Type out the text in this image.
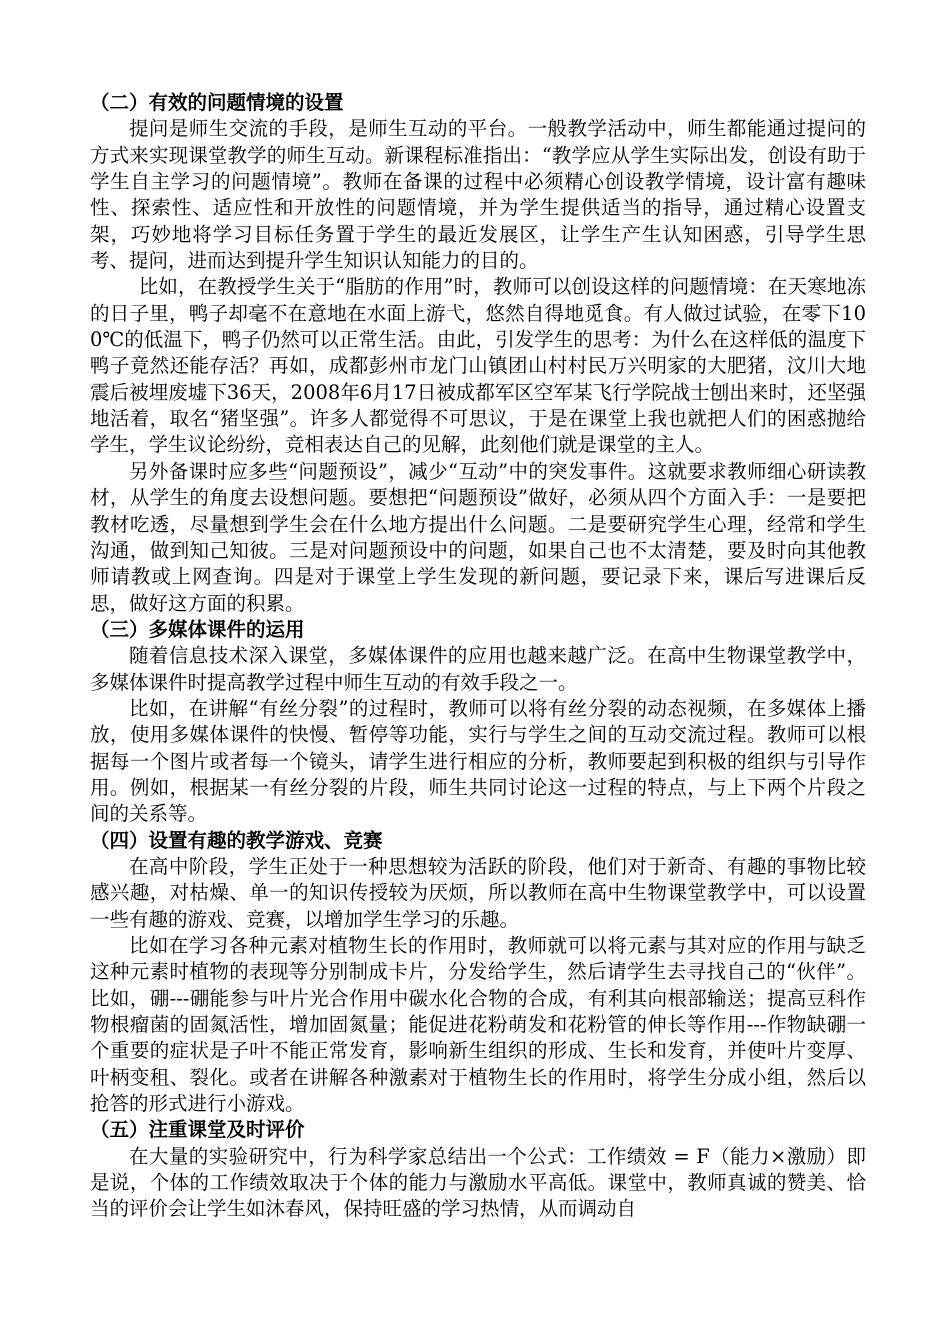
（二）有效的问题情境的设置

提问是师生交流的手段，是师生互动的平台。一般教学活动中，师生都能通过提问的方式来实现课堂教学的师生互动。新课程标准指出：“教学应从学生实际出发，创设有助于学生自主学习的问题情境”。教师在备课的过程中必须精心创设教学情境，设计富有趣味性、探索性、适应性和开放性的问题情境，并为学生提供适当的指导，通过精心设置支架，巧妙地将学习目标任务置于学生的最近发展区，让学生产生认知困惑，引导学生思考、提问，进而达到提升学生知识认知能力的目的。

比如，在教授学生关于“脂肪的作用”时，教师可以创设这样的问题情境：在天寒地冻的日子里，鸭子却毫不在意地在水面上游弋，悠然自得地觅食。有人做过试验，在零下100℃的低温下，鸭子仍然可以正常生活。由此，引发学生的思考：为什么在这样低的温度下鸭子竟然还能存活？再如，成都彭州市龙门山镇团山村村民万兴明家的大肥猪，汶川大地震后被埋废墟下36天，2008年6月17日被成都军区空军某飞行学院战士刨出来时，还坚强地活着，取名“猪坚强”。许多人都觉得不可思议，于是在课堂上我也就把人们的困惑抛给学生，学生议论纷纷，竞相表达自己的见解，此刻他们就是课堂的主人。

另外备课时应多些“问题预设”，减少“互动”中的突发事件。这就要求教师细心研读教材，从学生的角度去设想问题。要想把“问题预设”做好，必须从四个方面入手：一是要把教材吃透，尽量想到学生会在什么地方提出什么问题。二是要研究学生心理，经常和学生沟通，做到知己知彼。三是对问题预设中的问题，如果自己也不太清楚，要及时向其他教师请教或上网查询。四是对于课堂上学生发现的新问题，要记录下来，课后写进课后反思，做好这方面的积累。

（三）多媒体课件的运用

随着信息技术深入课堂，多媒体课件的应用也越来越广泛。在高中生物课堂教学中，多媒体课件时提高教学过程中师生互动的有效手段之一。

比如，在讲解“有丝分裂”的过程时，教师可以将有丝分裂的动态视频，在多媒体上播放，使用多媒体课件的快慢、暂停等功能，实行与学生之间的互动交流过程。教师可以根据每一个图片或者每一个镜头，请学生进行相应的分析，教师要起到积极的组织与引导作用。例如，根据某一有丝分裂的片段，师生共同讨论这一过程的特点，与上下两个片段之间的关系等。

（四）设置有趣的教学游戏、竞赛

在高中阶段，学生正处于一种思想较为活跃的阶段，他们对于新奇、有趣的事物比较感兴趣，对枯燥、单一的知识传授较为厌烦，所以教师在高中生物课堂教学中，可以设置一些有趣的游戏、竞赛，以增加学生学习的乐趣。

比如在学习各种元素对植物生长的作用时，教师就可以将元素与其对应的作用与缺乏这种元素时植物的表现等分别制成卡片，分发给学生，然后请学生去寻找自己的“伙伴”。比如，硼---硼能参与叶片光合作用中碳水化合物的合成，有利其向根部输送；提高豆科作物根瘤菌的固氮活性，增加固氮量；能促进花粉萌发和花粉管的伸长等作用---作物缺硼一个重要的症状是子叶不能正常发育，影响新生组织的形成、生长和发育，并使叶片变厚、叶柄变租、裂化。或者在讲解各种激素对于植物生长的作用时，将学生分成小组，然后以抢答的形式进行小游戏。

（五）注重课堂及时评价

在大量的实验研究中，行为科学家总结出一个公式：工作绩效 = F（能力×激励）即是说，个体的工作绩效取决于个体的能力与激励水平高低。课堂中，教师真诚的赞美、恰当的评价会让学生如沐春风，保持旺盛的学习热情，从而调动自
